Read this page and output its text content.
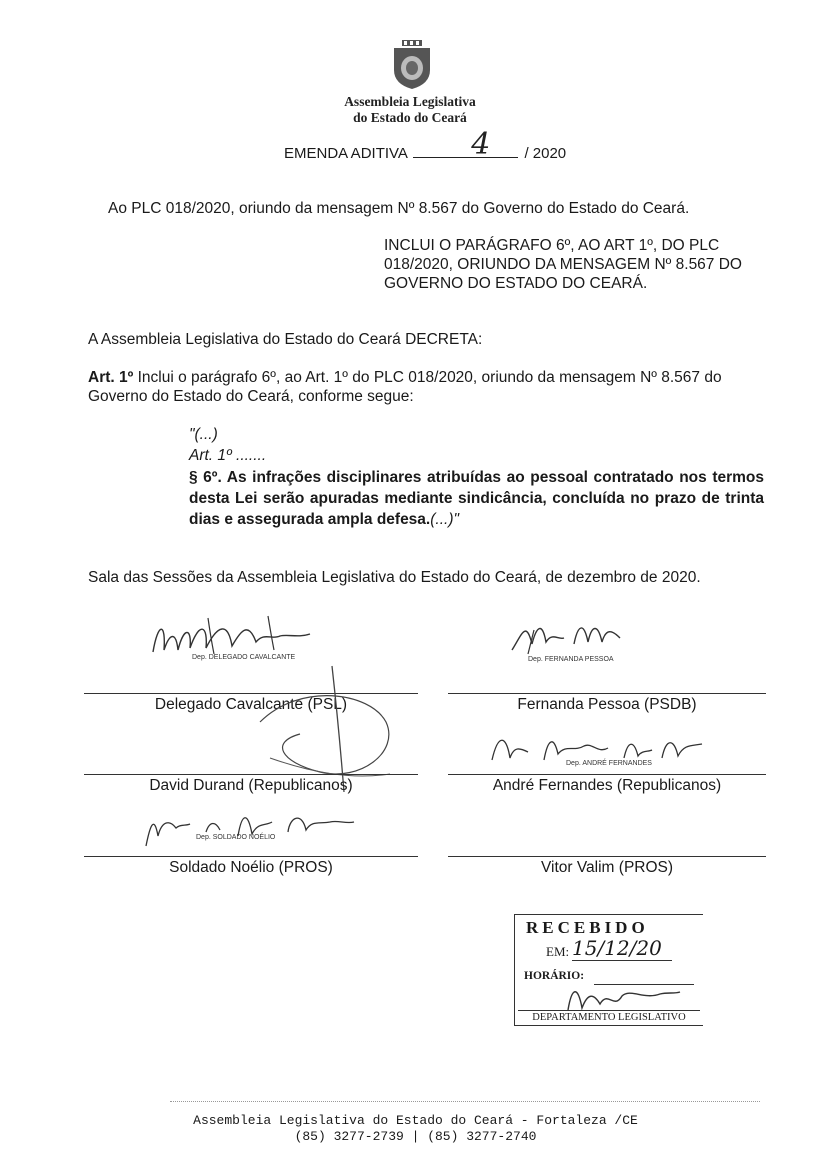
Assembleia Legislativa
do Estado do Ceará
EMENDA ADITIVA 4 / 2020
Ao PLC 018/2020, oriundo da mensagem Nº 8.567 do Governo do Estado do Ceará.
INCLUI O PARÁGRAFO 6º, AO ART 1º, DO PLC 018/2020, ORIUNDO DA MENSAGEM Nº 8.567 DO GOVERNO DO ESTADO DO CEARÁ.
A Assembleia Legislativa do Estado do Ceará DECRETA:
Art. 1º Inclui o parágrafo 6º, ao Art. 1º do PLC 018/2020, oriundo da mensagem Nº 8.567 do Governo do Estado do Ceará, conforme segue:
"(...)
Art. 1º .......
§ 6º. As infrações disciplinares atribuídas ao pessoal contratado nos termos desta Lei serão apuradas mediante sindicância, concluída no prazo de trinta dias e assegurada ampla defesa.(...)"
Sala das Sessões da Assembleia Legislativa do Estado do Ceará, de dezembro de 2020.
Dep. DELEGADO CAVALCANTE
Delegado Cavalcante (PSL)
Dep. FERNANDA PESSOA
Fernanda Pessoa (PSDB)
David Durand (Republicanos)
Dep. ANDRÉ FERNANDES
André Fernandes (Republicanos)
Dep. SOLDADO NOÉLIO
Soldado Noélio (PROS)	Vitor Valim (PROS)
RECEBIDO
EM: 15/12/20
HORÁRIO:
DEPARTAMENTO LEGISLATIVO
Assembleia Legislativa do Estado do Ceará - Fortaleza /CE
(85) 3277-2739 | (85) 3277-2740
